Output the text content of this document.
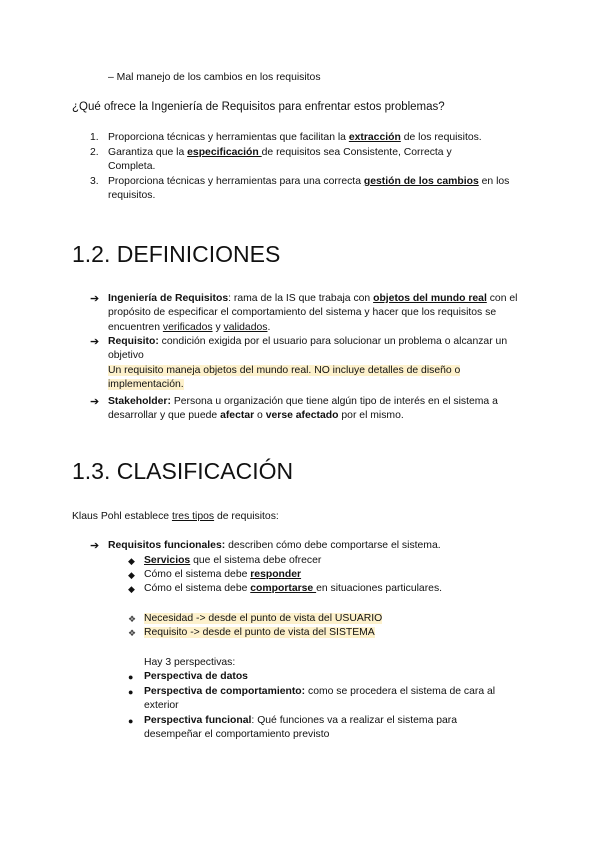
– Mal manejo de los cambios en los requisitos
¿Qué ofrece la Ingeniería de Requisitos para enfrentar estos problemas?
1. Proporciona técnicas y herramientas que facilitan la extracción de los requisitos.
2. Garantiza que la especificación de requisitos sea Consistente, Correcta y Completa.
3. Proporciona técnicas y herramientas para una correcta gestión de los cambios en los requisitos.
1.2. DEFINICIONES
➔ Ingeniería de Requisitos: rama de la IS que trabaja con objetos del mundo real con el propósito de especificar el comportamiento del sistema y hacer que los requisitos se encuentren verificados y validados.
➔ Requisito: condición exigida por el usuario para solucionar un problema o alcanzar un objetivo
Un requisito maneja objetos del mundo real. NO incluye detalles de diseño o implementación.
➔ Stakeholder: Persona u organización que tiene algún tipo de interés en el sistema a desarrollar y que puede afectar o verse afectado por el mismo.
1.3. CLASIFICACIÓN
Klaus Pohl establece tres tipos de requisitos:
➔ Requisitos funcionales: describen cómo debe comportarse el sistema.
◆ Servicios que el sistema debe ofrecer
◆ Cómo el sistema debe responder
◆ Cómo el sistema debe comportarse en situaciones particulares.
❖ Necesidad -> desde el punto de vista del USUARIO
❖ Requisito -> desde el punto de vista del SISTEMA
Hay 3 perspectivas:
●	Perspectiva de datos
●	Perspectiva de comportamiento: como se procedera el sistema de cara al exterior
●	Perspectiva funcional: Qué funciones va a realizar el sistema para desempeñar el comportamiento previsto
